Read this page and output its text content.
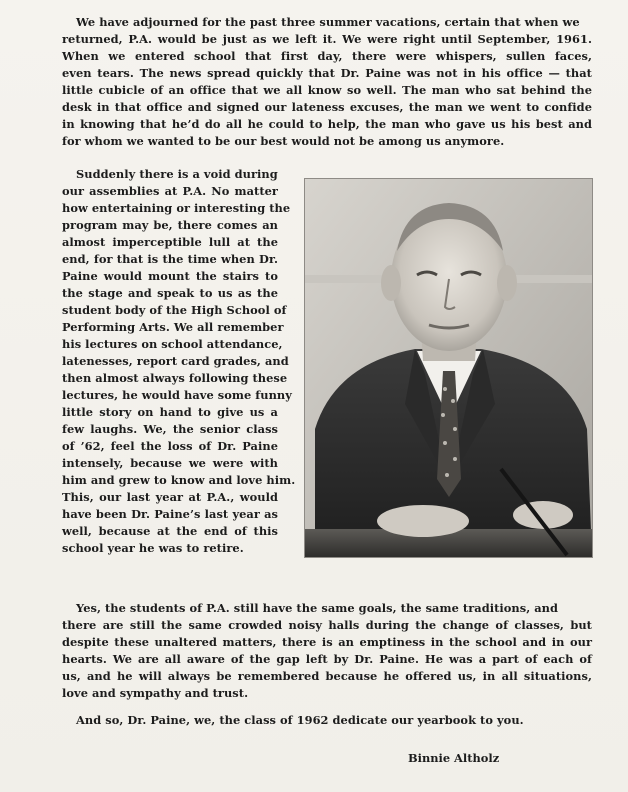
We have adjourned for the past three summer vacations, certain that when we
returned, P.A. would be just as we left it. We were right until September, 1961.
When we entered school that first day, there were whispers, sullen faces,
even tears. The news spread quickly that Dr. Paine was not in his office — that
little cubicle of an office that we all know so well. The man who sat behind the
desk in that office and signed our lateness excuses, the man we went to confide
in knowing that he’d do all he could to help, the man who gave us his best and
for whom we wanted to be our best would not be among us anymore.
Suddenly there is a void during
our assemblies at P.A. No matter
how entertaining or interesting the
program may be, there comes an
almost imperceptible lull at the
end, for that is the time when Dr.
Paine would mount the stairs to
the stage and speak to us as the
student body of the High School of
Performing Arts. We all remember
his lectures on school attendance,
latenesses, report card grades, and
then almost always following these
lectures, he would have some funny
little story on hand to give us a
few laughs. We, the senior class
of ’62, feel the loss of Dr. Paine
intensely, because we were with
him and grew to know and love him.
This, our last year at P.A., would
have been Dr. Paine’s last year as
well, because at the end of this
school year he was to retire.
Yes, the students of P.A. still have the same goals, the same traditions, and
there are still the same crowded noisy halls during the change of classes, but
despite these unaltered matters, there is an emptiness in the school and in our
hearts. We are all aware of the gap left by Dr. Paine. He was a part of each of
us, and he will always be remembered because he offered us, in all situations,
love and sympathy and trust.
And so, Dr. Paine, we, the class of 1962 dedicate our yearbook to you.
Binnie Altholz
